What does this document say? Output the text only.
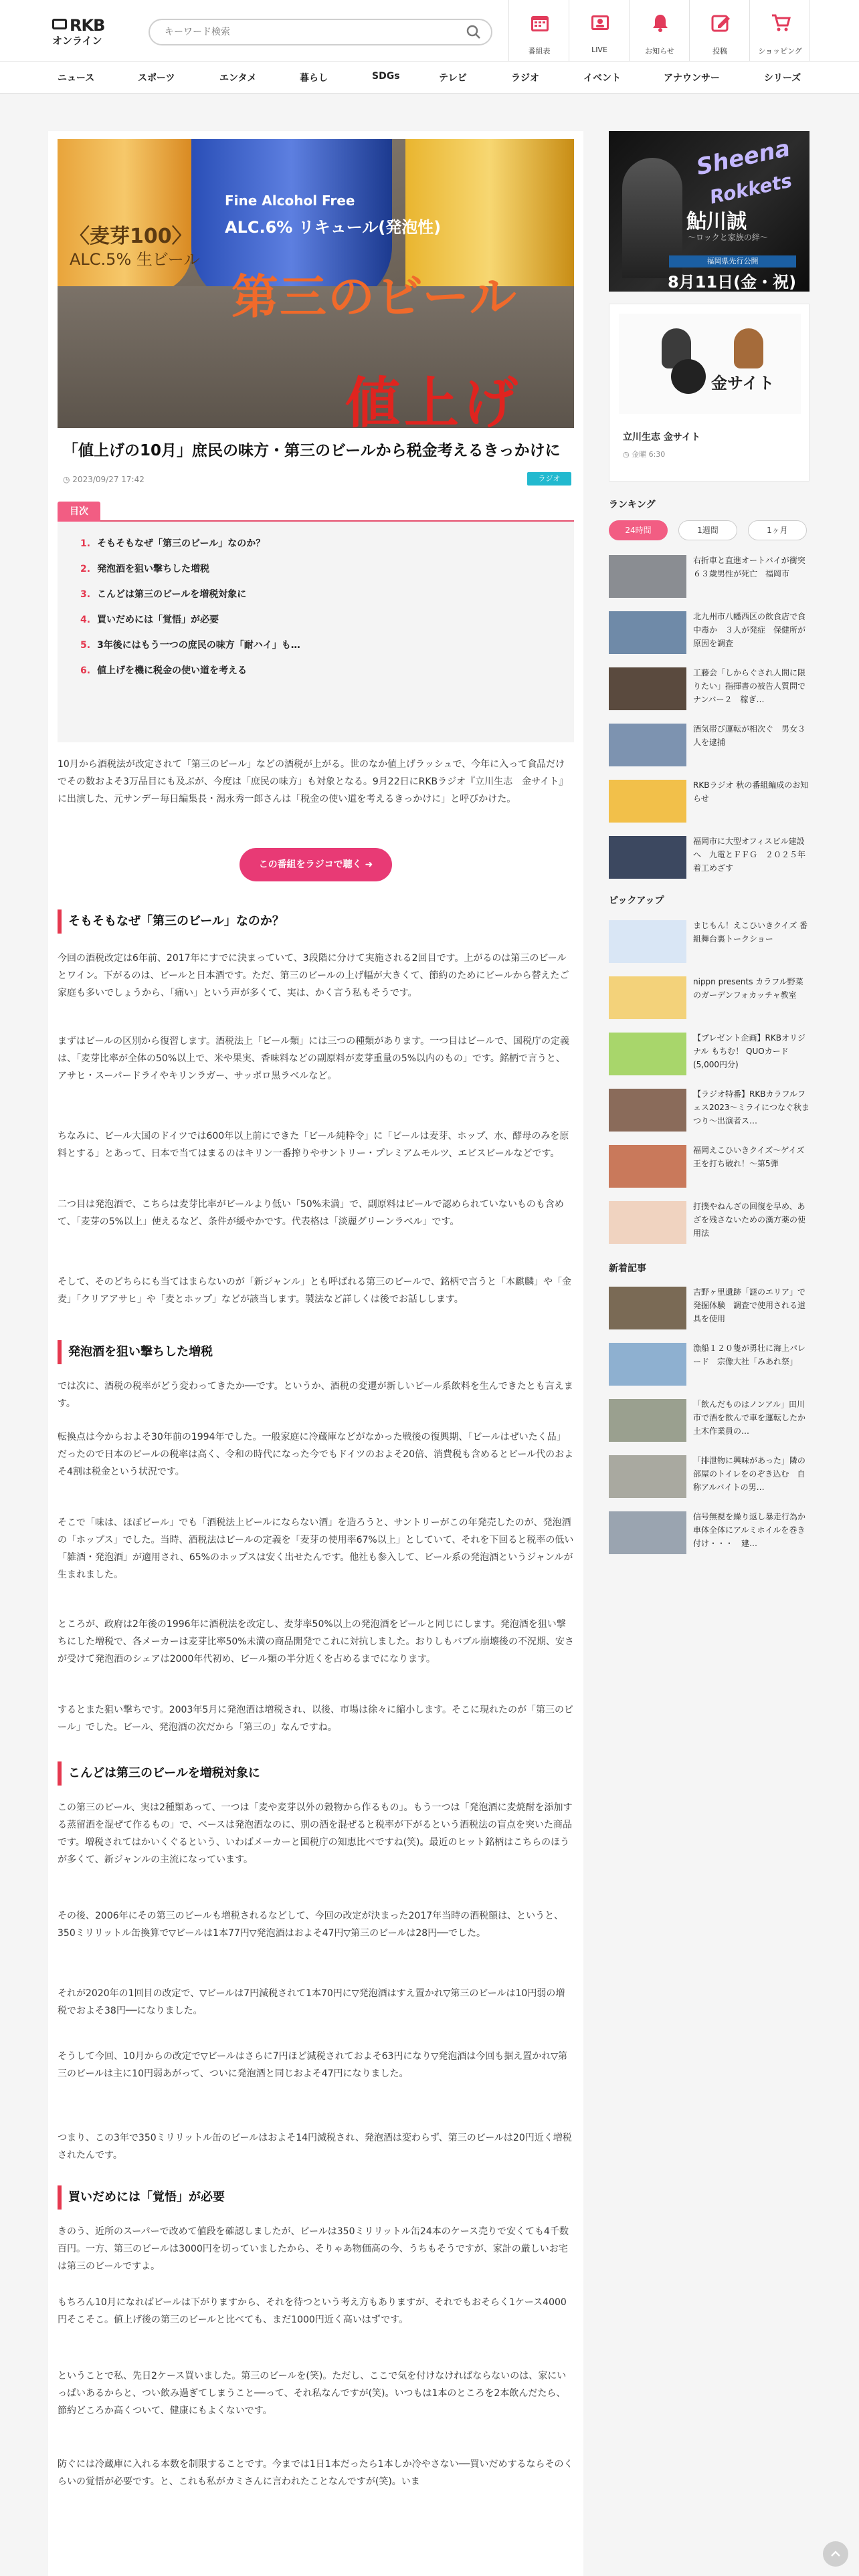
RKB
オンライン
キーワード検索
番組表	LIVE	お知らせ	投稿	ショッピング
ニュース	スポーツ	エンタメ	暮らし	SDGs	テレビ	ラジオ	イベント	アナウンサー	シリーズ
〈麦芽100〉
ALC.5% 生ビール
Fine Alcohol Free
ALC.6% リキュール(発泡性)
第三のビール
値上げ
「値上げの10月」庶民の味方・第三のビールから税金考えるきっかけに
◷ 2023/09/27 17:42	ラジオ
目次
1. そもそもなぜ「第三のビール」なのか？
2. 発泡酒を狙い撃ちした増税
3. こんどは第三のビールを増税対象に
4. 買いだめには「覚悟」が必要
5. 3年後にはもう一つの庶民の味方「耐ハイ」も…
6. 値上げを機に税金の使い道を考える

10月から酒税法が改定されて「第三のビール」などの酒税が上がる。世のなか値上げラッシュで、今年に入って食品だけでその数およそ3万品目にも及ぶが、今度は「庶民の味方」も対象となる。9月22日にRKBラジオ『立川生志　金サイト』に出演した、元サンデー毎日編集長・潟永秀一郎さんは「税金の使い道を考えるきっかけに」と呼びかけた。

この番組をラジコで聴く ➜
そもそもなぜ「第三のビール」なのか？

今回の酒税改定は6年前、2017年にすでに決まっていて、3段階に分けて実施される2回目です。上がるのは第三のビールとワイン。下がるのは、ビールと日本酒です。ただ、第三のビールの上げ幅が大きくて、節約のためにビールから替えたご家庭も多いでしょうから、「痛い」という声が多くて、実は、かく言う私もそうです。

まずはビールの区別から復習します。酒税法上「ビール類」には三つの種類があります。一つ目はビールで、国税庁の定義は、「麦芽比率が全体の50%以上で、米や果実、香味料などの副原料が麦芽重量の5%以内のもの」です。銘柄で言うと、アサヒ・スーパードライやキリンラガー、サッポロ黒ラベルなど。

ちなみに、ビール大国のドイツでは600年以上前にできた「ビール純粋令」に「ビールは麦芽、ホップ、水、酵母のみを原料とする」とあって、日本で当てはまるのはキリン一番搾りやサントリー・プレミアムモルツ、エビスビールなどです。

二つ目は発泡酒で、こちらは麦芽比率がビールより低い「50%未満」で、副原料はビールで認められていないものも含めて、「麦芽の5%以上」使えるなど、条件が緩やかです。代表格は「淡麗グリーンラベル」です。

そして、そのどちらにも当てはまらないのが「新ジャンル」とも呼ばれる第三のビールで、銘柄で言うと「本麒麟」や「金麦」「クリアアサヒ」や「麦とホップ」などが該当します。製法など詳しくは後でお話しします。

発泡酒を狙い撃ちした増税

では次に、酒税の税率がどう変わってきたか──です。というか、酒税の変遷が新しいビール系飲料を生んできたとも言えます。

転換点は今からおよそ30年前の1994年でした。一般家庭に冷蔵庫などがなかった戦後の復興期、「ビールはぜいたく品」だったので日本のビールの税率は高く、令和の時代になった今でもドイツのおよそ20倍、消費税も含めるとビール代のおよそ4割は税金という状況です。

そこで「味は、ほぼビール」でも「酒税法上ビールにならない酒」を造ろうと、サントリーがこの年発売したのが、発泡酒の「ホップス」でした。当時、酒税法はビールの定義を「麦芽の使用率67%以上」としていて、それを下回ると税率の低い「雑酒・発泡酒」が適用され、65%のホップスは安く出せたんです。他社も参入して、ビール系の発泡酒というジャンルが生まれました。

ところが、政府は2年後の1996年に酒税法を改定し、麦芽率50%以上の発泡酒をビールと同じにします。発泡酒を狙い撃ちにした増税で、各メーカーは麦芽比率50%未満の商品開発でこれに対抗しました。おりしもバブル崩壊後の不況期、安さが受けて発泡酒のシェアは2000年代初め、ビール類の半分近くを占めるまでになります。

するとまた狙い撃ちです。2003年5月に発泡酒は増税され、以後、市場は徐々に縮小します。そこに現れたのが「第三のビール」でした。ビール、発泡酒の次だから「第三の」なんですね。

こんどは第三のビールを増税対象に

この第三のビール、実は2種類あって、一つは「麦や麦芽以外の穀物から作るもの」。もう一つは「発泡酒に麦焼酎を添加する蒸留酒を混ぜて作るもの」で、ベースは発泡酒なのに、別の酒を混ぜると税率が下がるという酒税法の盲点を突いた商品です。増税されてはかいくぐるという、いわばメーカーと国税庁の知恵比べですね(笑)。最近のヒット銘柄はこちらのほうが多くて、新ジャンルの主流になっています。

その後、2006年にその第三のビールも増税されるなどして、今回の改定が決まった2017年当時の酒税額は、というと、350ミリリットル缶換算で▽ビールは1本77円▽発泡酒はおよそ47円▽第三のビールは28円──でした。

それが2020年の1回目の改定で、▽ビールは7円減税されて1本70円に▽発泡酒はすえ置かれ▽第三のビールは10円弱の増税でおよそ38円──になりました。

そうして今回、10月からの改定で▽ビールはさらに7円ほど減税されておよそ63円になり▽発泡酒は今回も据え置かれ▽第三のビールは主に10円弱あがって、ついに発泡酒と同じおよそ47円になりました。

つまり、この3年で350ミリリットル缶のビールはおよそ14円減税され、発泡酒は変わらず、第三のビールは20円近く増税されたんです。

買いだめには「覚悟」が必要

きのう、近所のスーパーで改めて値段を確認しましたが、ビールは350ミリリットル缶24本のケース売りで安くても4千数百円。一方、第三のビールは3000円を切っていましたから、そりゃあ物価高の今、うちもそうですが、家計の厳しいお宅は第三のビールですよ。

もちろん10月になればビールは下がりますから、それを待つという考え方もありますが、それでもおそらく1ケース4000円そこそこ。値上げ後の第三のビールと比べても、まだ1000円近く高いはずです。

ということで私、先日2ケース買いました。第三のビールを(笑)。ただし、ここで気を付けなければならないのは、家にいっぱいあるからと、つい飲み過ぎてしまうこと──って、それ私なんですが(笑)。いつもは1本のところを2本飲んだたら、節約どころか高くついて、健康にもよくないです。

防ぐには冷蔵庫に入れる本数を制限することです。今までは1日1本だったら1本しか冷やさない──買いだめするならそのくらいの覚悟が必要です。と、これも私がカミさんに言われたことなんですが(笑)。いま

Sheena
Rokkets
鮎川誠
～ロックと家族の絆～
福岡県先行公開
8月11日(金・祝)
金サイト
立川生志 金サイト
◷ 金曜 6:30
ランキング
24時間	1週間	1ヶ月
右折車と直進オートバイが衝突　６３歳男性が死亡　福岡市
北九州市八幡西区の飲食店で食中毒か　３人が発症　保健所が原因を調査
工藤会「しからぐされ人間に限りたい」指揮書の被告人質問でナンバー２　稼ぎ…
酒気帯び運転が相次ぐ　男女３人を逮捕
RKBラジオ 秋の番組編成のお知らせ
福岡市に大型オフィスビル建設へ　九電とＦＦＧ　２０２５年着工めざす
ピックアップ
まじもん！えこひいきクイズ 番組舞台裏トークショー
nippn presents カラフル野菜のガーデンフォカッチャ教室
【プレゼント企画】RKBオリジナル もちむ！ QUOカード (5,000円分)
【ラジオ特番】RKBカラフルフェス2023～ミライにつなぐ秋まつり～出演者ス…
福岡えこひいきクイズ～ゲイズ王を打ち破れ！～第5弾
打撲やねんざの回復を早め、あざを残さないための漢方薬の使用法
新着記事
吉野ヶ里遺跡「謎のエリア」で発掘体験　調査で使用される道具を使用
漁船１２０隻が勇壮に海上パレード　宗像大社「みあれ祭」
「飲んだものはノンアル」田川市で酒を飲んで車を運転したか　土木作業員の…
「排泄物に興味があった」隣の部屋のトイレをのぞき込む　自称アルバイトの男…
信号無視を繰り返し暴走行為か　車体全体にアルミホイルを巻き付け・・・　建…
